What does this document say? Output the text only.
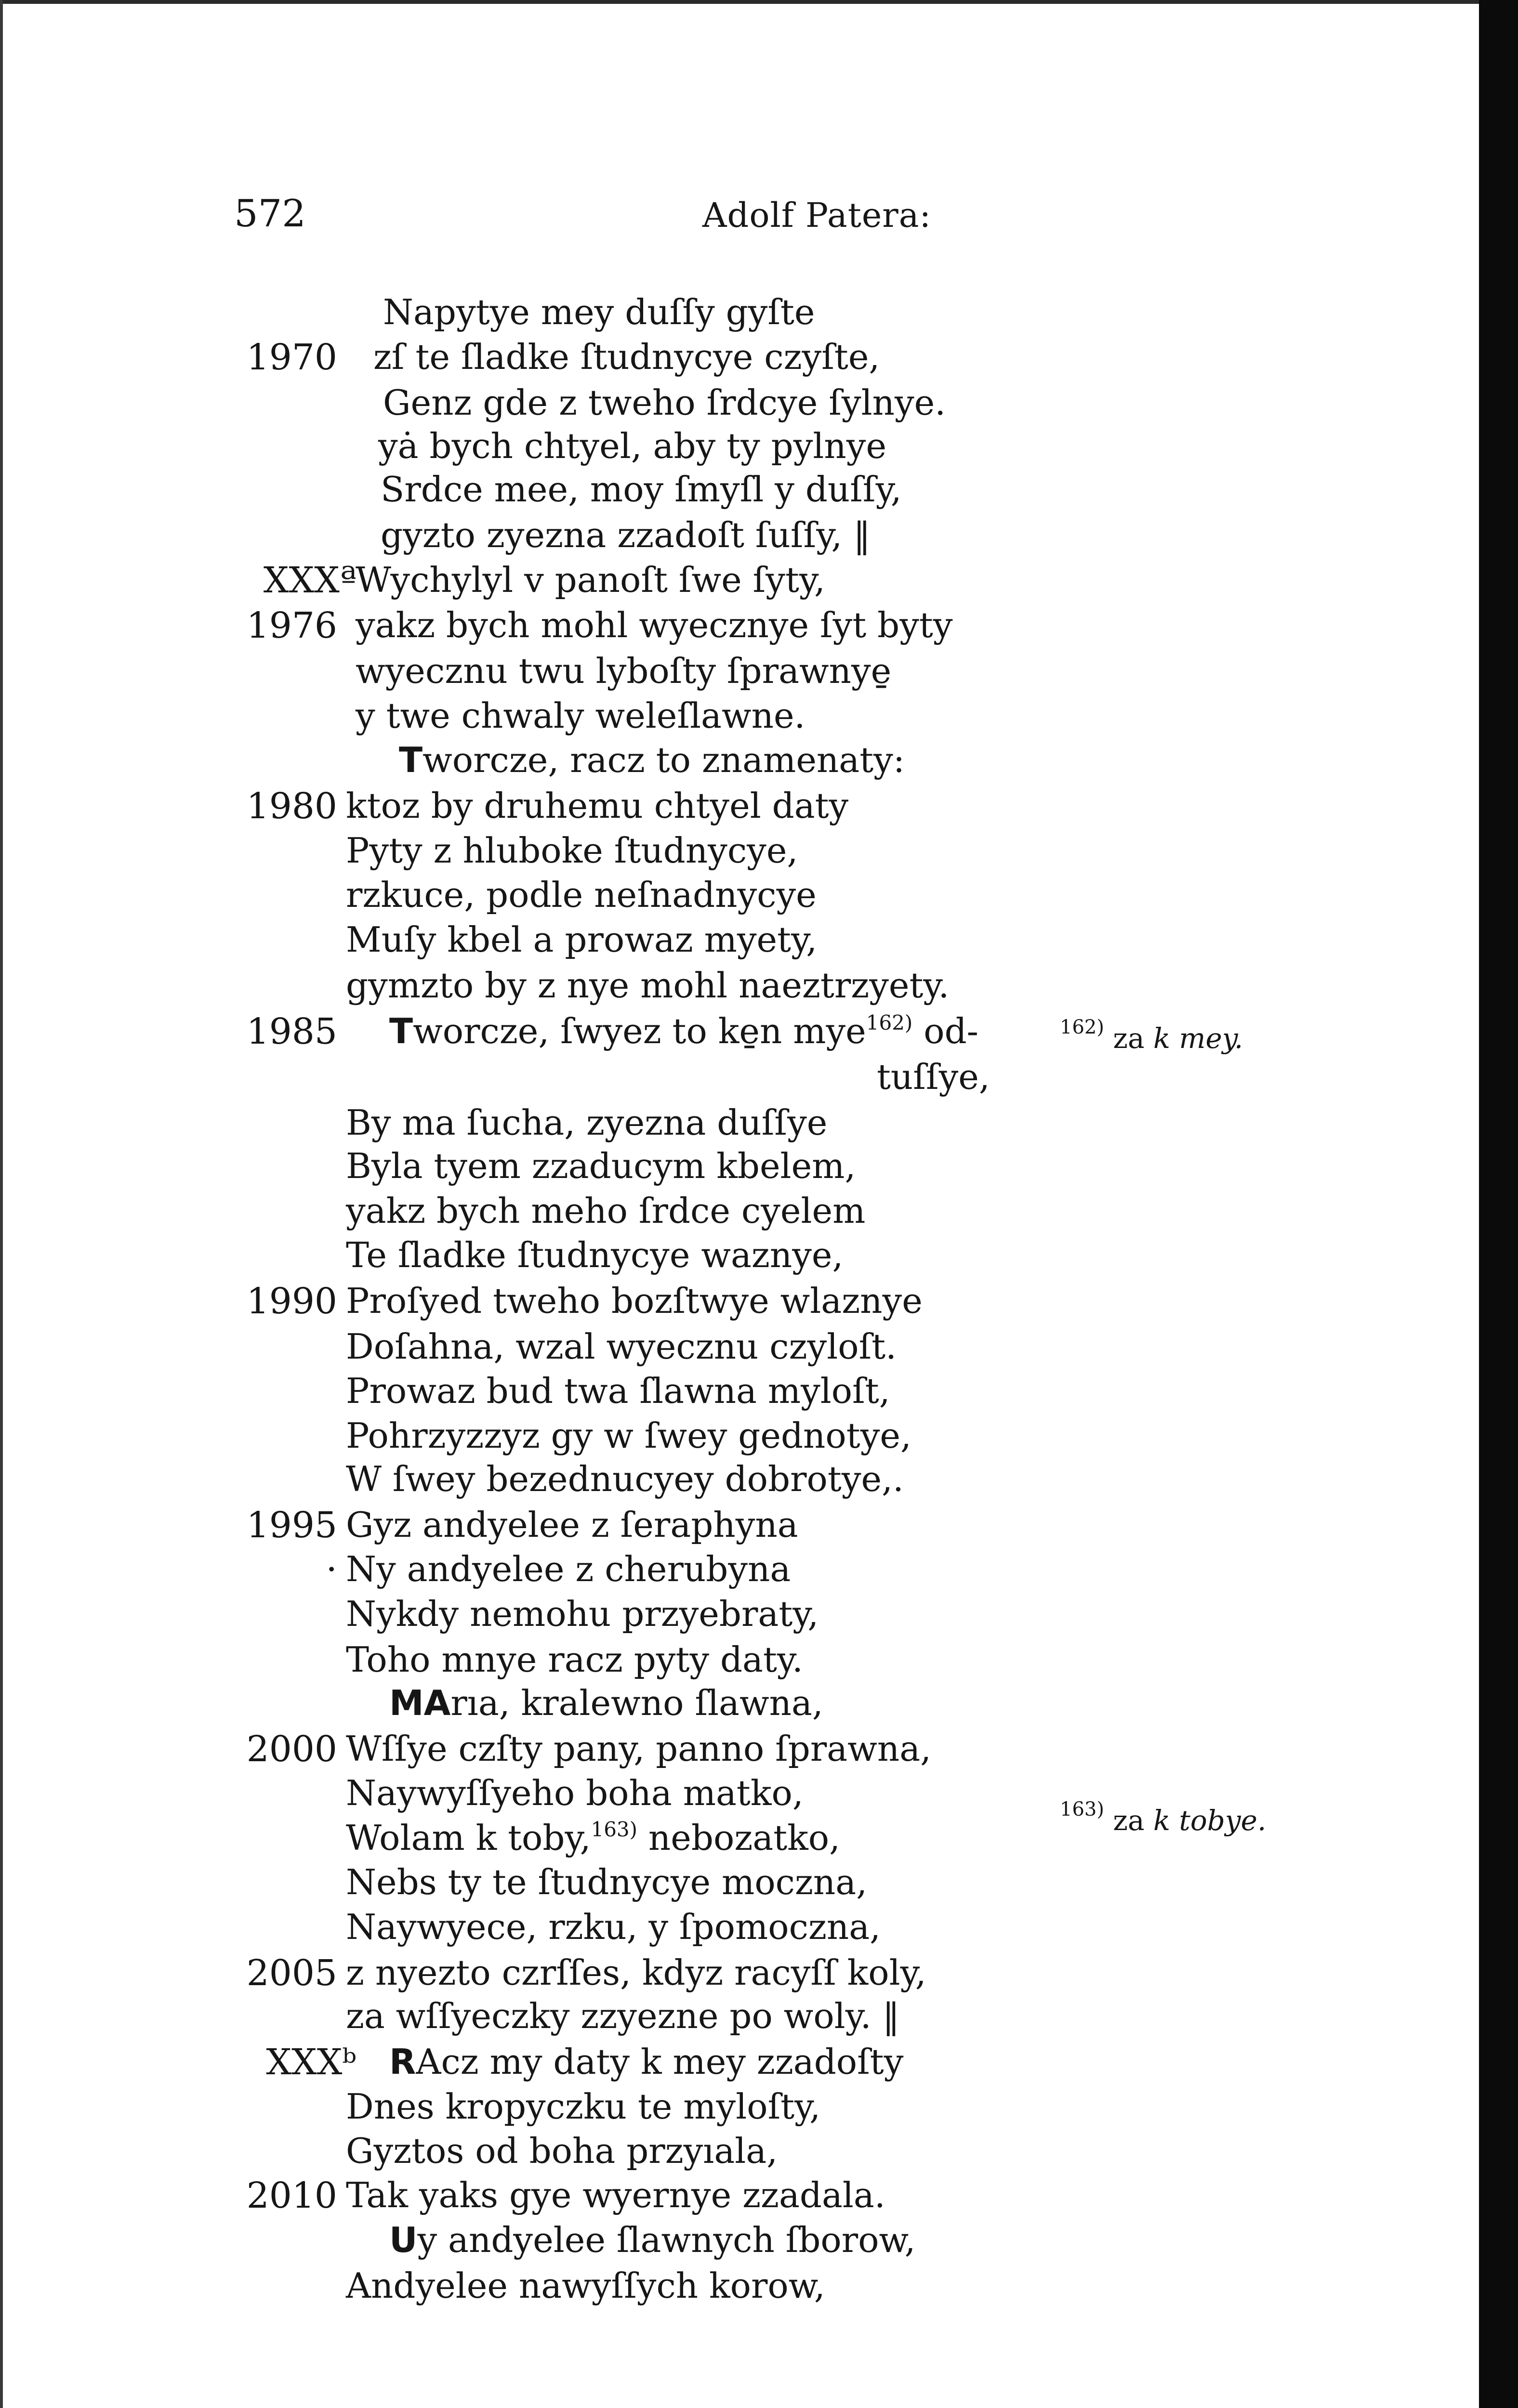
572	Adolf Patera:
Napytye mey duſſy gyſte
1970 zſ te ſladke ſtudnycye czyſte,
Genz gde z tweho ſrdcye ſylnye.
yȧ bych chtyel, aby ty pylnye
Srdce mee, moy ſmyſl y duſſy,
gyzto zyezna zzadoſt ſuſſy, ‖
XXXª
Wychylyl v panoſt ſwe ſyty,
1976 yakz bych mohl wyecznye ſyt byty
wyecznu twu lyboſty ſprawnye̱
y twe chwaly weleſlawne.
Tworcze, racz to znamenaty:
1980 ktoz by druhemu chtyel daty
Pyty z hluboke ſtudnycye,
rzkuce, podle neſnadnycye
Muſy kbel a prowaz myety,
gymzto by z nye mohl naeztrzyety.
1985 Tworcze, ſwyez to ke̱n mye$^{162)}$ od-
tuſſye,
By ma ſucha, zyezna duſſye
Byla tyem zzaducym kbelem,
yakz bych meho ſrdce cyelem
Te ſladke ſtudnycye waznye,
1990 Proſyed tweho bozſtwye wlaznye
Doſahna, wzal wyecznu czyloſt.
Prowaz bud twa ſlawna myloſt,
Pohrzyzzyz gy w ſwey gednotye,
W ſwey bezednucyey dobrotye,.
1995 Gyz andyelee z ſeraphyna
· Ny andyelee z cherubyna
Nykdy nemohu przyebraty,
Toho mnye racz pyty daty.
MArıa, kralewno ſlawna,
2000 Wſſye czſty pany, panno ſprawna,
Naywyſſyeho boha matko,
Wolam k toby,$^{163)}$ nebozatko,
Nebs ty te ſtudnycye moczna,
Naywyece, rzku, y ſpomoczna,
2005 z nyezto czrſſes, kdyz racyſſ koly,
za wſſyeczky zzyezne po woly. ‖
XXXᵇ RAcz my daty k mey zzadoſty
Dnes kropyczku te myloſty,
Gyztos od boha przyıala,
2010 Tak yaks gye wyernye zzadala.
Uy andyelee ſlawnych ſborow,
Andyelee nawyſſych korow,
$^{162)}$ za k mey.
$^{163)}$ za k tobye.
